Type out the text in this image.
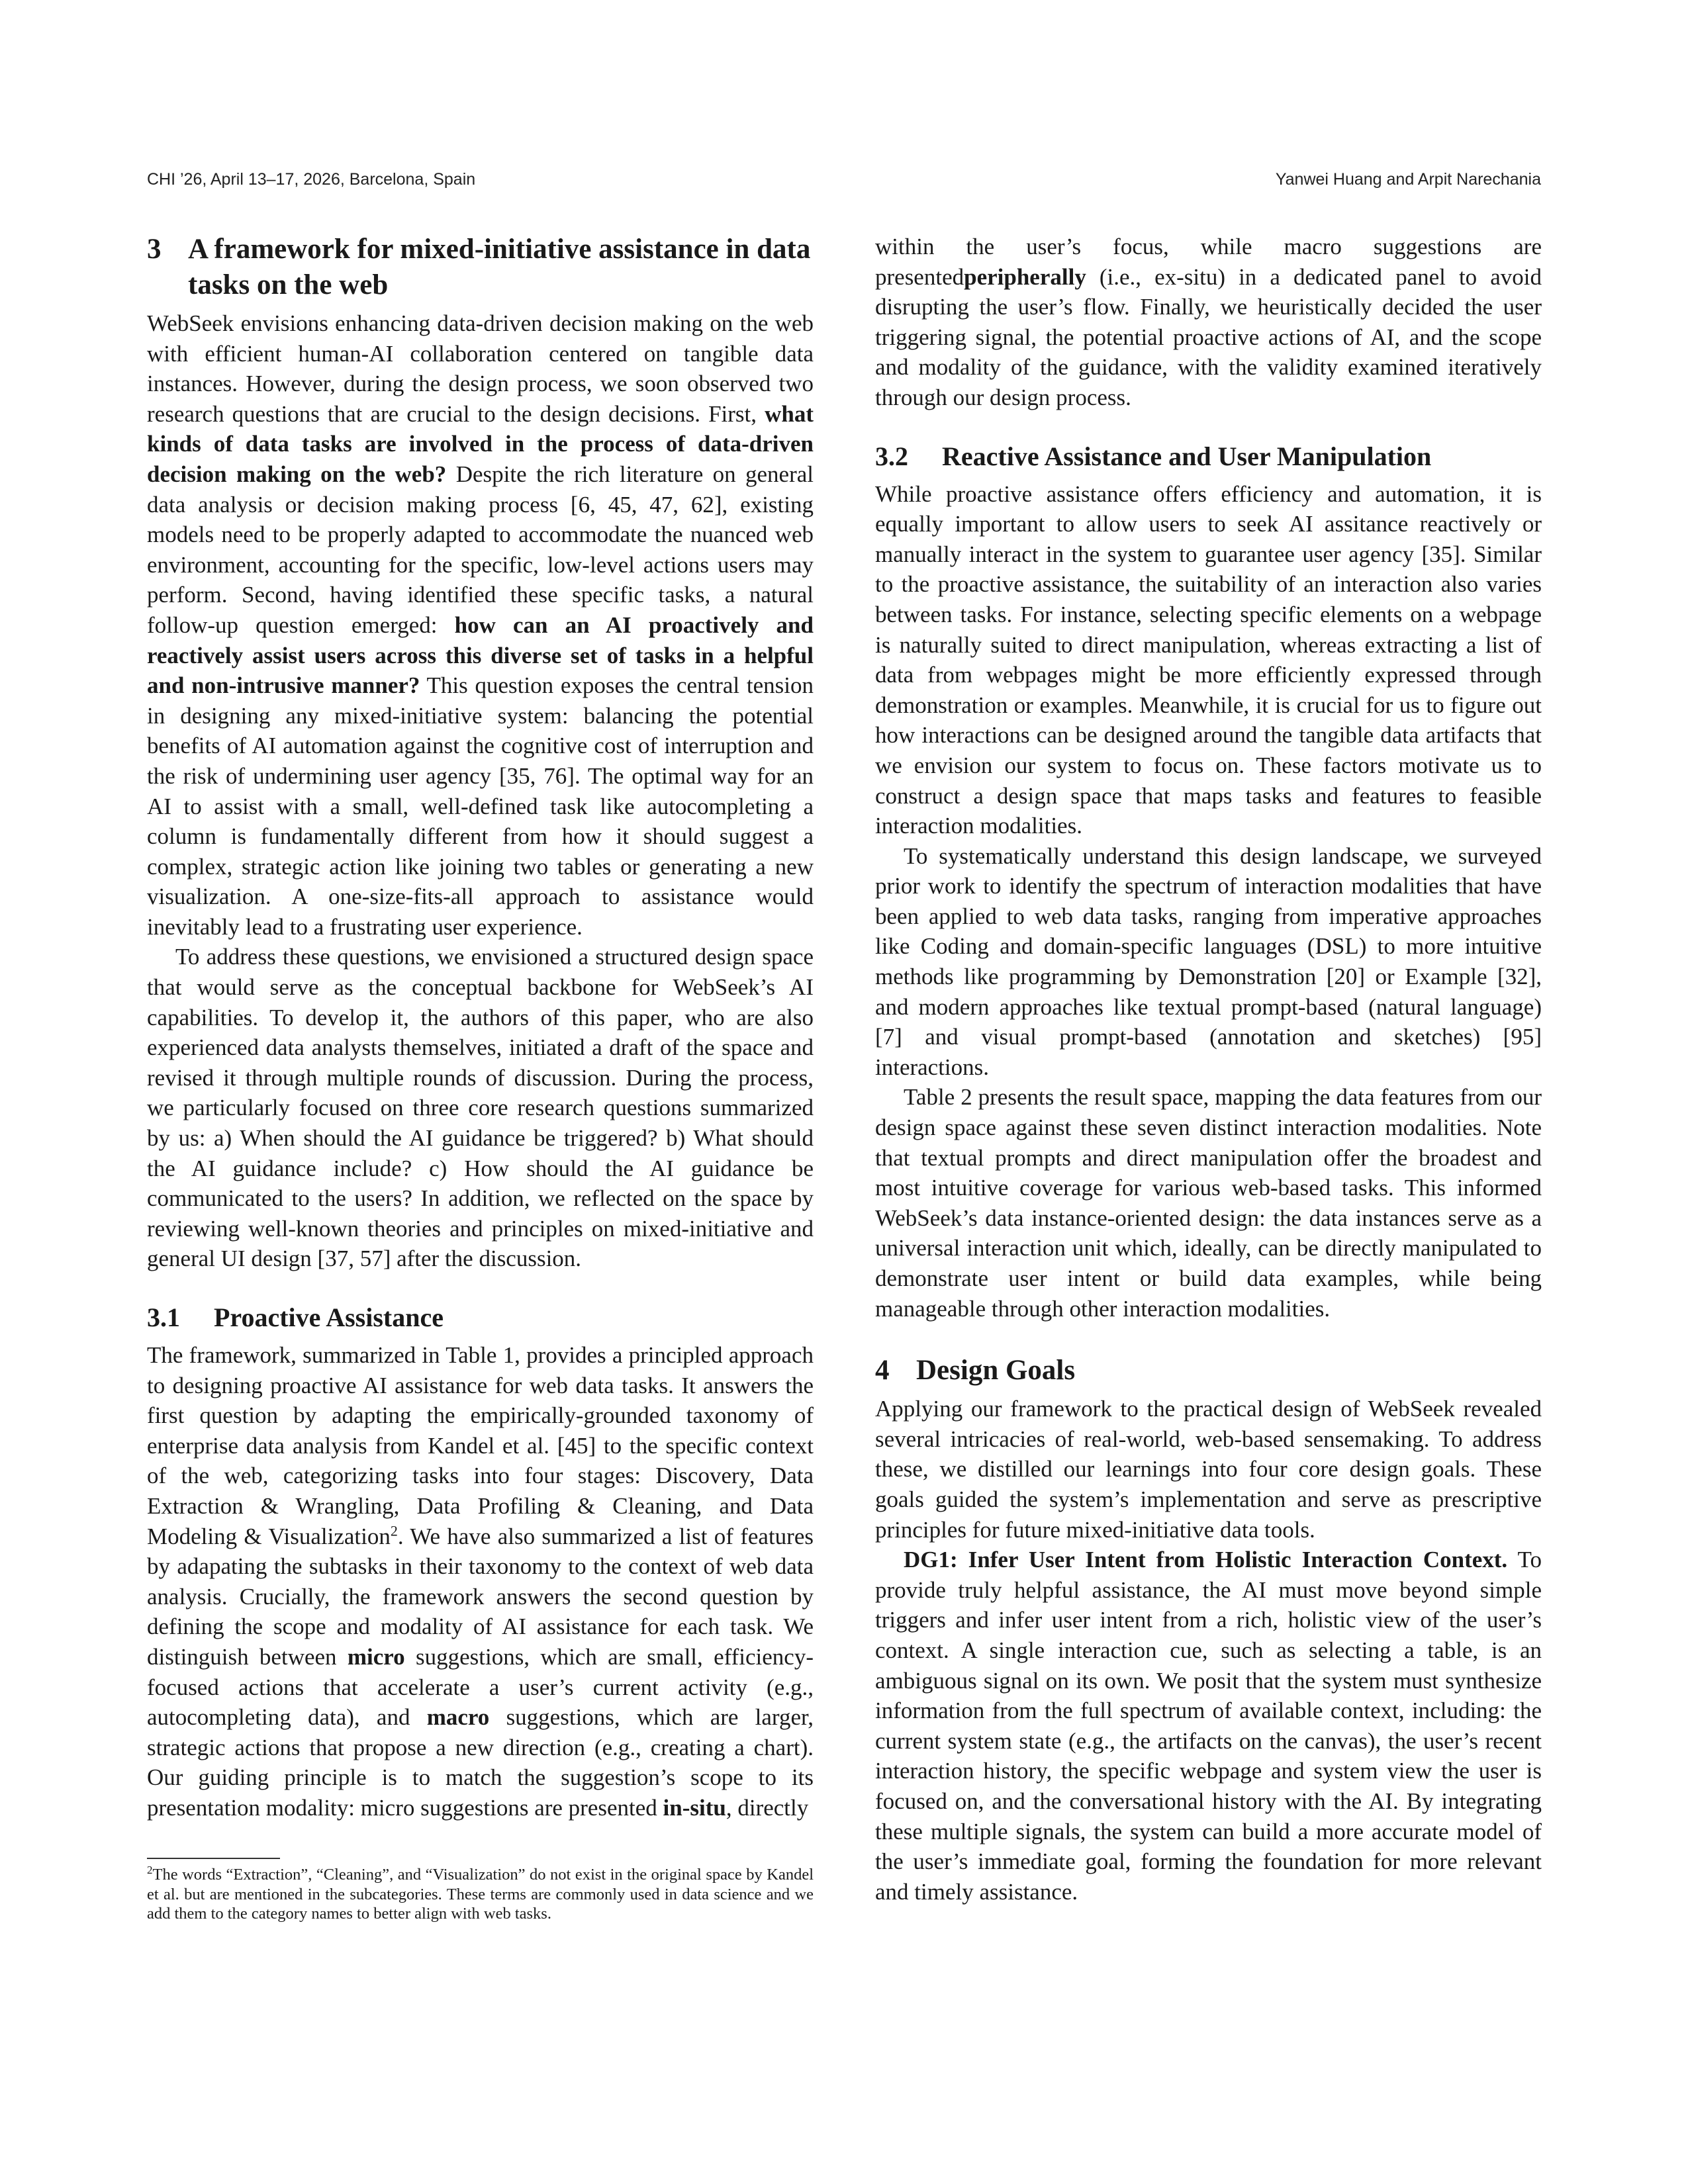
CHI ’26, April 13–17, 2026, Barcelona, Spain	Yanwei Huang and Arpit Narechania
3 A framework for mixed-initiative assistance in data tasks on the web

WebSeek envisions enhancing data-driven decision making on the web with efficient human-AI collaboration centered on tangible data instances. However, during the design process, we soon observed two research questions that are crucial to the design decisions. First, what kinds of data tasks are involved in the process of data-driven decision making on the web? Despite the rich literature on general data analysis or decision making process [6, 45, 47, 62], existing models need to be properly adapted to accommodate the nuanced web environment, accounting for the specific, low-level actions users may perform. Second, having identified these specific tasks, a natural follow-up question emerged: how can an AI proactively and reactively assist users across this diverse set of tasks in a helpful and non-intrusive manner? This question exposes the central tension in designing any mixed-initiative system: balancing the potential benefits of AI automation against the cognitive cost of interruption and the risk of undermining user agency [35, 76]. The optimal way for an AI to assist with a small, well-defined task like autocompleting a column is fundamentally different from how it should suggest a complex, strategic action like joining two tables or generating a new visualization. A one-size-fits-all approach to assistance would inevitably lead to a frustrating user experience.

To address these questions, we envisioned a structured design space that would serve as the conceptual backbone for WebSeek’s AI capabilities. To develop it, the authors of this paper, who are also experienced data analysts themselves, initiated a draft of the space and revised it through multiple rounds of discussion. During the process, we particularly focused on three core research questions summarized by us: a) When should the AI guidance be triggered? b) What should the AI guidance include? c) How should the AI guidance be communicated to the users? In addition, we reflected on the space by reviewing well-known theories and principles on mixed-initiative and general UI design [37, 57] after the discussion.

3.1	Proactive Assistance

The framework, summarized in Table 1, provides a principled approach to designing proactive AI assistance for web data tasks. It answers the first question by adapting the empirically-grounded taxonomy of enterprise data analysis from Kandel et al. [45] to the specific context of the web, categorizing tasks into four stages: Discovery, Data Extraction & Wrangling, Data Profiling & Cleaning, and Data Modeling & Visualization$^2$. We have also summarized a list of features by adapating the subtasks in their taxonomy to the context of web data analysis. Crucially, the framework answers the second question by defining the scope and modality of AI assistance for each task. We distinguish between micro suggestions, which are small, efficiency-focused actions that accelerate a user’s current activity (e.g., autocompleting data), and macro suggestions, which are larger, strategic actions that propose a new direction (e.g., creating a chart). Our guiding principle is to match the suggestion’s scope to its presentation modality: micro suggestions are presented in-situ, directly

3.2	Reactive Assistance and User Manipulation

While proactive assistance offers efficiency and automation, it is equally important to allow users to seek AI assitance reactively or manually interact in the system to guarantee user agency [35]. Similar to the proactive assistance, the suitability of an interaction also varies between tasks. For instance, selecting specific elements on a webpage is naturally suited to direct manipulation, whereas extracting a list of data from webpages might be more efficiently expressed through demonstration or examples. Meanwhile, it is crucial for us to figure out how interactions can be designed around the tangible data artifacts that we envision our system to focus on. These factors motivate us to construct a design space that maps tasks and features to feasible interaction modalities.

To systematically understand this design landscape, we surveyed prior work to identify the spectrum of interaction modalities that have been applied to web data tasks, ranging from imperative approaches like Coding and domain-specific languages (DSL) to more intuitive methods like programming by Demonstration [20] or Example [32], and modern approaches like textual prompt-based (natural language) [7] and visual prompt-based (annotation and sketches) [95] interactions.

Table 2 presents the result space, mapping the data features from our design space against these seven distinct interaction modalities. Note that textual prompts and direct manipulation offer the broadest and most intuitive coverage for various web-based tasks. This informed WebSeek’s data instance-oriented design: the data instances serve as a universal interaction unit which, ideally, can be directly manipulated to demonstrate user intent or build data examples, while being manageable through other interaction modalities.

4 Design Goals

Applying our framework to the practical design of WebSeek revealed several intricacies of real-world, web-based sensemaking. To address these, we distilled our learnings into four core design goals. These goals guided the system’s implementation and serve as prescriptive principles for future mixed-initiative data tools.

DG1: Infer User Intent from Holistic Interaction Context. To provide truly helpful assistance, the AI must move beyond simple triggers and infer user intent from a rich, holistic view of the user’s context. A single interaction cue, such as selecting a table, is an ambiguous signal on its own. We posit that the system must synthesize information from the full spectrum of available context, including: the current system state (e.g., the artifacts on the canvas), the user’s recent interaction history, the specific webpage and system view the user is focused on, and the conversational history with the AI. By integrating these multiple signals, the system can build a more accurate model of the user’s immediate goal, forming the foundation for more relevant and timely assistance.

within the user’s focus, while macro suggestions are presentedperipherally (i.e., ex-situ) in a dedicated panel to avoid disrupting the user’s flow. Finally, we heuristically decided the user triggering signal, the potential proactive actions of AI, and the scope and modality of the guidance, with the validity examined iteratively through our design process.

$^2$The words “Extraction”, “Cleaning”, and “Visualization” do not exist in the original space by Kandel et al. but are mentioned in the subcategories. These terms are commonly used in data science and we add them to the category names to better align with web tasks.
